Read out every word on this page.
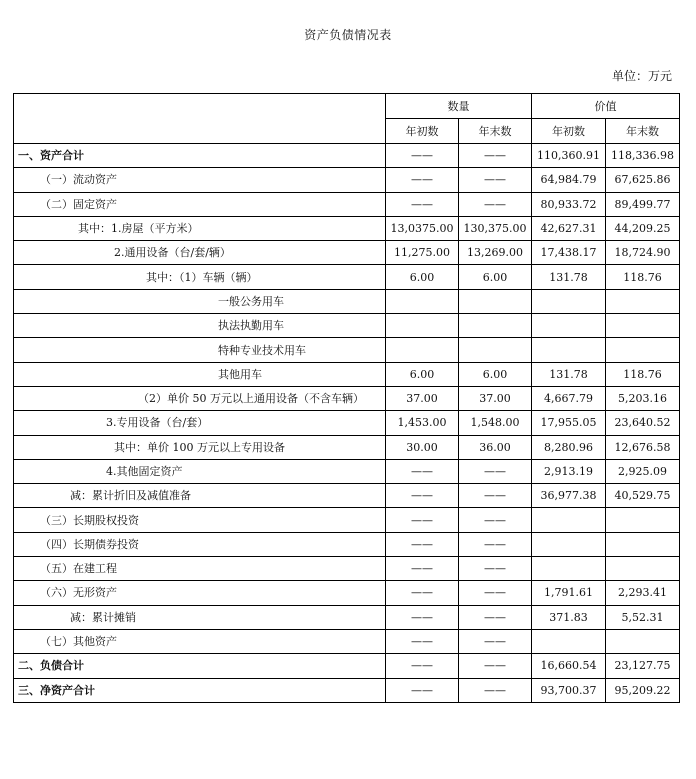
资产负债情况表
单位：万元
	数量		价值	
	年初数	年末数	年初数	年末数
一、资产合计	——	——	110,360.91	118,336.98
（一）流动资产	——	——	64,984.79	67,625.86
（二）固定资产	——	——	80,933.72	89,499.77
其中：1.房屋（平方米）	13,0375.00	130,375.00	42,627.31	44,209.25
2.通用设备（台/套/辆）	11,275.00	13,269.00	17,438.17	18,724.90
其中：（1）车辆（辆）	6.00	6.00	131.78	118.76
一般公务用车				
执法执勤用车				
特种专业技术用车				
其他用车	6.00	6.00	131.78	118.76
（2）单价 50 万元以上通用设备（不含车辆）	37.00	37.00	4,667.79	5,203.16
3.专用设备（台/套）	1,453.00	1,548.00	17,955.05	23,640.52
其中：单价 100 万元以上专用设备	30.00	36.00	8,280.96	12,676.58
4.其他固定资产	——	——	2,913.19	2,925.09
减：累计折旧及减值准备	——	——	36,977.38	40,529.75
（三）长期股权投资	——	——		
（四）长期债券投资	——	——		
（五）在建工程	——	——		
（六）无形资产	——	——	1,791.61	2,293.41
减：累计摊销	——	——	371.83	5,52.31
（七）其他资产	——	——		
二、负债合计	——	——	16,660.54	23,127.75
三、净资产合计	——	——	93,700.37	95,209.22
